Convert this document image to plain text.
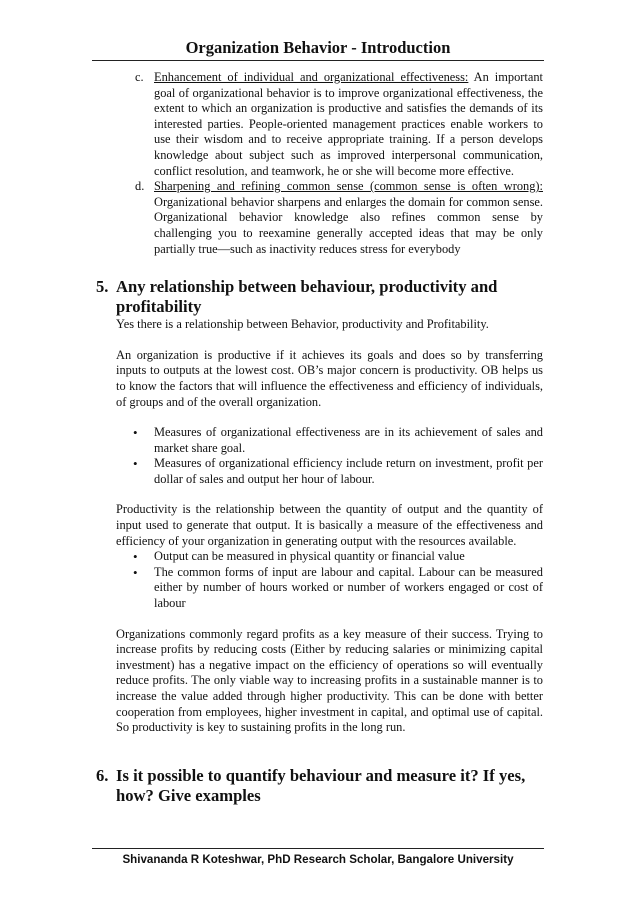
Organization Behavior - Introduction
c. Enhancement of individual and organizational effectiveness: An important goal of organizational behavior is to improve organizational effectiveness, the extent to which an organization is productive and satisfies the demands of its interested parties. People-oriented management practices enable workers to use their wisdom and to receive appropriate training. If a person develops knowledge about subject such as improved interpersonal communication, conflict resolution, and teamwork, he or she will become more effective.
d. Sharpening and refining common sense (common sense is often wrong): Organizational behavior sharpens and enlarges the domain for common sense. Organizational behavior knowledge also refines common sense by challenging you to reexamine generally accepted ideas that may be only partially true—such as inactivity reduces stress for everybody
5. Any relationship between behaviour, productivity and profitability

Yes there is a relationship between Behavior, productivity and Profitability.

An organization is productive if it achieves its goals and does so by transferring inputs to outputs at the lowest cost. OB’s major concern is productivity. OB helps us to know the factors that will influence the effectiveness and efficiency of individuals, of groups and of the overall organization.

• Measures of organizational effectiveness are in its achievement of sales and market share goal.
• Measures of organizational efficiency include return on investment, profit per dollar of sales and output her hour of labour.

Productivity is the relationship between the quantity of output and the quantity of input used to generate that output. It is basically a measure of the effectiveness and efficiency of your organization in generating output with the resources available.

• Output can be measured in physical quantity or financial value
• The common forms of input are labour and capital. Labour can be measured either by number of hours worked or number of workers engaged or cost of labour

Organizations commonly regard profits as a key measure of their success. Trying to increase profits by reducing costs (Either by reducing salaries or minimizing capital investment) has a negative impact on the efficiency of operations so will eventually reduce profits. The only viable way to increasing profits in a sustainable manner is to increase the value added through higher productivity. This can be done with better cooperation from employees, higher investment in capital, and optimal use of capital. So productivity is key to sustaining profits in the long run.

6. Is it possible to quantify behaviour and measure it? If yes, how? Give examples
Shivananda R Koteshwar, PhD Research Scholar, Bangalore University
